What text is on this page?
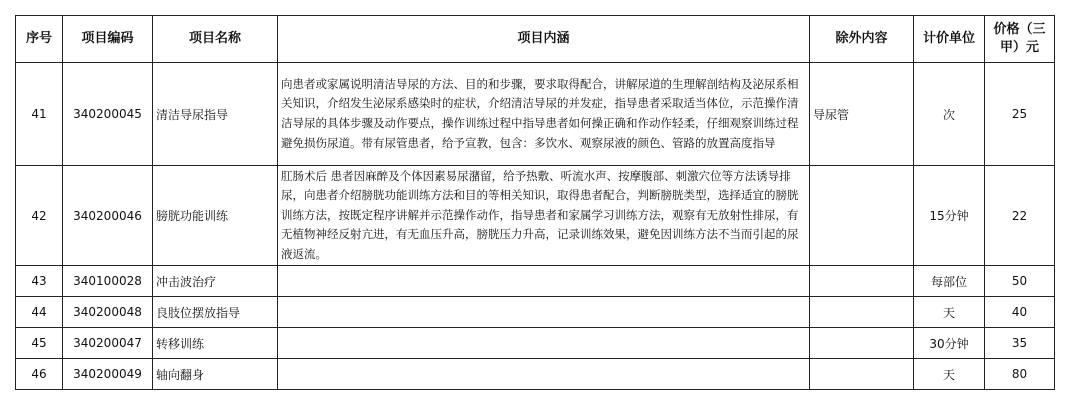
序号	项目编码	项目名称	项目内涵	除外内容	计价单位	价格（三甲）元
41	340200045	清洁导尿指导	向患者或家属说明清洁导尿的方法、目的和步骤，要求取得配合，讲解尿道的生理解剖结构及泌尿系相关知识，介绍发生泌尿系感染时的症状，介绍清洁导尿的并发症，指导患者采取适当体位，示范操作清洁导尿的具体步骤及动作要点，操作训练过程中指导患者如何操正确和作动作轻柔，仔细观察训练过程避免损伤尿道。带有尿管患者，给予宣教，包含：多饮水、观察尿液的颜色、管路的放置高度指导	导尿管	次	25
42	340200046	膀胱功能训练	肛肠术后 患者因麻醉及个体因素易尿潴留，给予热敷、听流水声、按摩腹部、刺激穴位等方法诱导排尿，向患者介绍膀胱功能训练方法和目的等相关知识，取得患者配合，判断膀胱类型，选择适宜的膀胱训练方法，按既定程序讲解并示范操作动作，指导患者和家属学习训练方法，观察有无放射性排尿，有无植物神经反射亢进，有无血压升高，膀胱压力升高，记录训练效果，避免因训练方法不当而引起的尿液返流。		15分钟	22
43	340100028	冲击波治疗			每部位	50
44	340200048	良肢位摆放指导			天	40
45	340200047	转移训练			30分钟	35
46	340200049	轴向翻身			天	80
